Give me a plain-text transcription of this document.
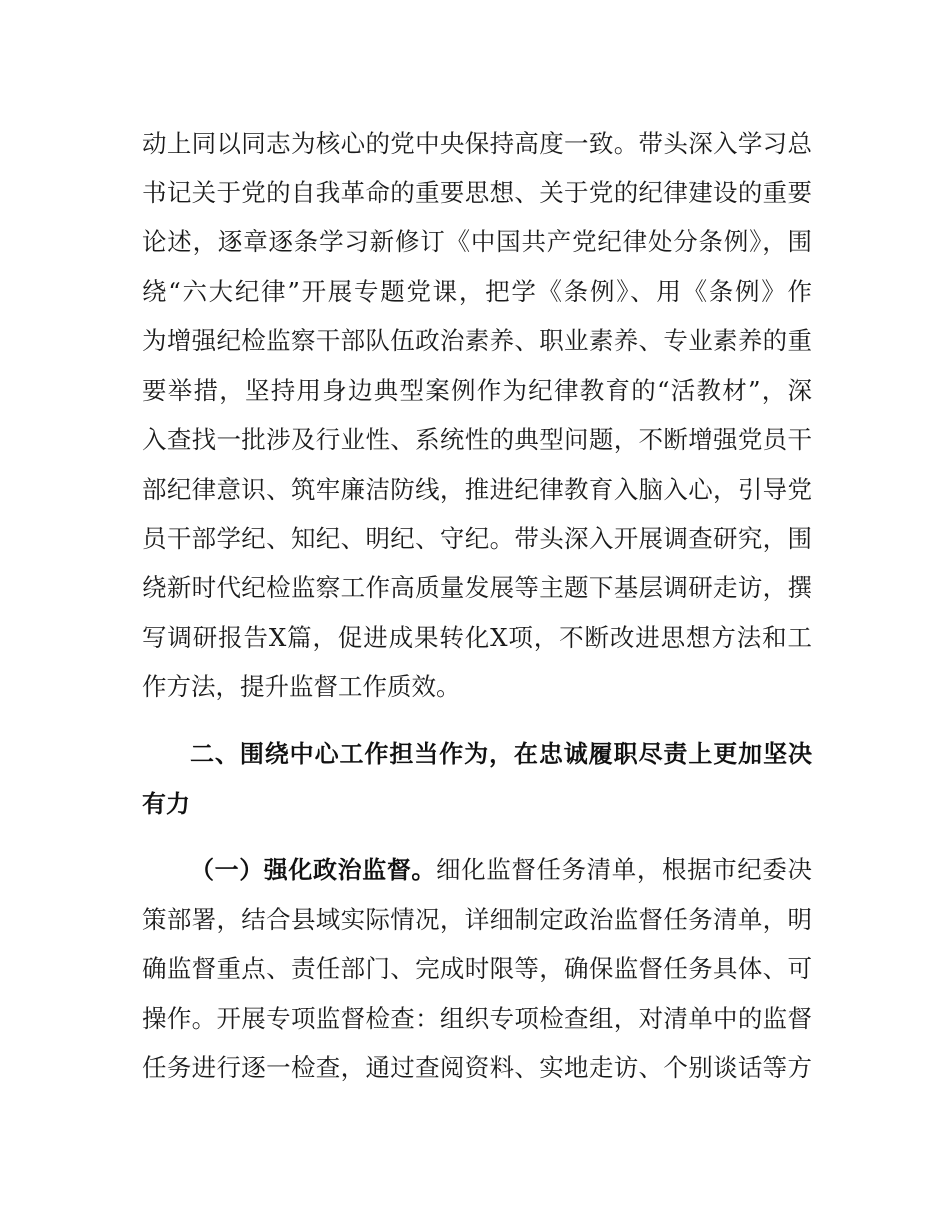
动上同以同志为核心的党中央保持高度一致。带头深入学习总
书记关于党的自我革命的重要思想、关于党的纪律建设的重要
论述，逐章逐条学习新修订《中国共产党纪律处分条例》，围
绕“六大纪律”开展专题党课，把学《条例》、用《条例》作
为增强纪检监察干部队伍政治素养、职业素养、专业素养的重
要举措，坚持用身边典型案例作为纪律教育的“活教材”，深
入查找一批涉及行业性、系统性的典型问题，不断增强党员干
部纪律意识、筑牢廉洁防线，推进纪律教育入脑入心，引导党
员干部学纪、知纪、明纪、守纪。带头深入开展调查研究，围
绕新时代纪检监察工作高质量发展等主题下基层调研走访，撰
写调研报告X篇，促进成果转化X项，不断改进思想方法和工
作方法，提升监督工作质效。
二、围绕中心工作担当作为，在忠诚履职尽责上更加坚决
有力
（一）强化政治监督。细化监督任务清单，根据市纪委决
策部署，结合县域实际情况，详细制定政治监督任务清单，明
确监督重点、责任部门、完成时限等，确保监督任务具体、可
操作。开展专项监督检查：组织专项检查组，对清单中的监督
任务进行逐一检查，通过查阅资料、实地走访、个别谈话等方
